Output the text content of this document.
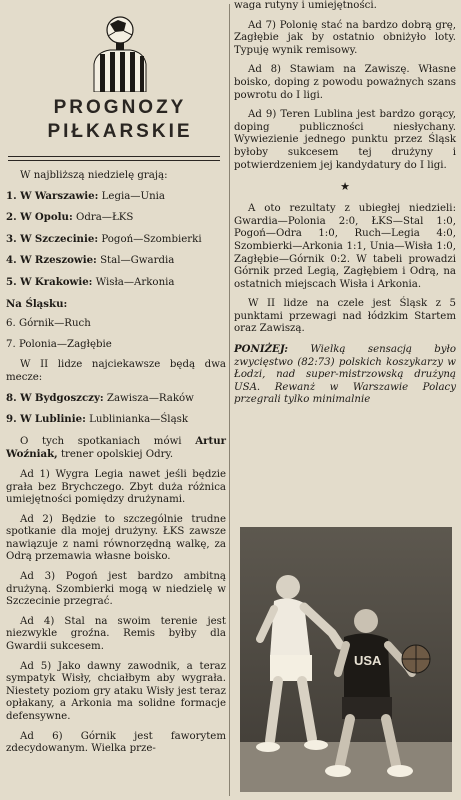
PROGNOZY
PIŁKARSKIE

W najbliższą niedzielę grają:

1. W Warszawie: Legia—Unia
2. W Opolu: Odra—ŁKS
3. W Szczecinie: Pogoń—Szombierki
4. W Rzeszowie: Stal—Gwardia
5. W Krakowie: Wisła—Arkonia
Na Śląsku:
6. Górnik—Ruch
7. Polonia—Zagłębie

W II lidze najciekawsze będą dwa mecze:

8. W Bydgoszczy: Zawisza—Raków
9. W Lublinie: Lublinianka—Śląsk

O tych spotkaniach mówi Artur Woźniak, trener opolskiej Odry.

Ad 1) Wygra Legia nawet jeśli będzie grała bez Brychczego. Zbyt duża różnica umiejętności pomiędzy drużynami.

Ad 2) Będzie to szczególnie trudne spotkanie dla mojej drużyny. ŁKS zawsze nawiązuje z nami równorzędną walkę, za Odrą przemawia własne boisko.

Ad 3) Pogoń jest bardzo ambitną drużyną. Szombierki mogą w niedzielę w Szczecinie przegrać.

Ad 4) Stal na swoim terenie jest niezwykle groźna. Remis byłby dla Gwardii sukcesem.

Ad 5) Jako dawny zawodnik, a teraz sympatyk Wisły, chciałbym aby wygrała. Niestety poziom gry ataku Wisły jest teraz opłakany, a Arkonia ma solidne formacje defensywne.

Ad 6) Górnik jest faworytem zdecydowanym. Wielka prze-

waga rutyny i umiejętności.

Ad 7) Polonię stać na bardzo dobrą grę, Zagłębie jak by ostatnio obniżyło loty. Typuję wynik remisowy.

Ad 8) Stawiam na Zawiszę. Własne boisko, doping z powodu poważnych szans powrotu do I ligi.

Ad 9) Teren Lublina jest bardzo gorący, doping publiczności niesłychany. Wywiezienie jednego punktu przez Śląsk byłoby sukcesem tej drużyny i potwierdzeniem jej kandydatury do I ligi.

★

A oto rezultaty z ubiegłej niedzieli: Gwardia—Polonia 2:0, ŁKS—Stal 1:0, Pogoń—Odra 1:0, Ruch—Legia 4:0, Szombierki—Arkonia 1:1, Unia—Wisła 1:0, Zagłębie—Górnik 0:2. W tabeli prowadzi Górnik przed Legią, Zagłębiem i Odrą, na ostatnich miejscach Wisła i Arkonia.

W II lidze na czele jest Śląsk z 5 punktami przewagi nad łódzkim Startem oraz Zawiszą.

PONIŻEJ: Wielką sensacją było zwycięstwo (82:73) polskich koszykarzy w Łodzi, nad super-mistrzowską drużyną USA. Rewanż w Warszawie Polacy przegrali tylko minimalnie

USA
